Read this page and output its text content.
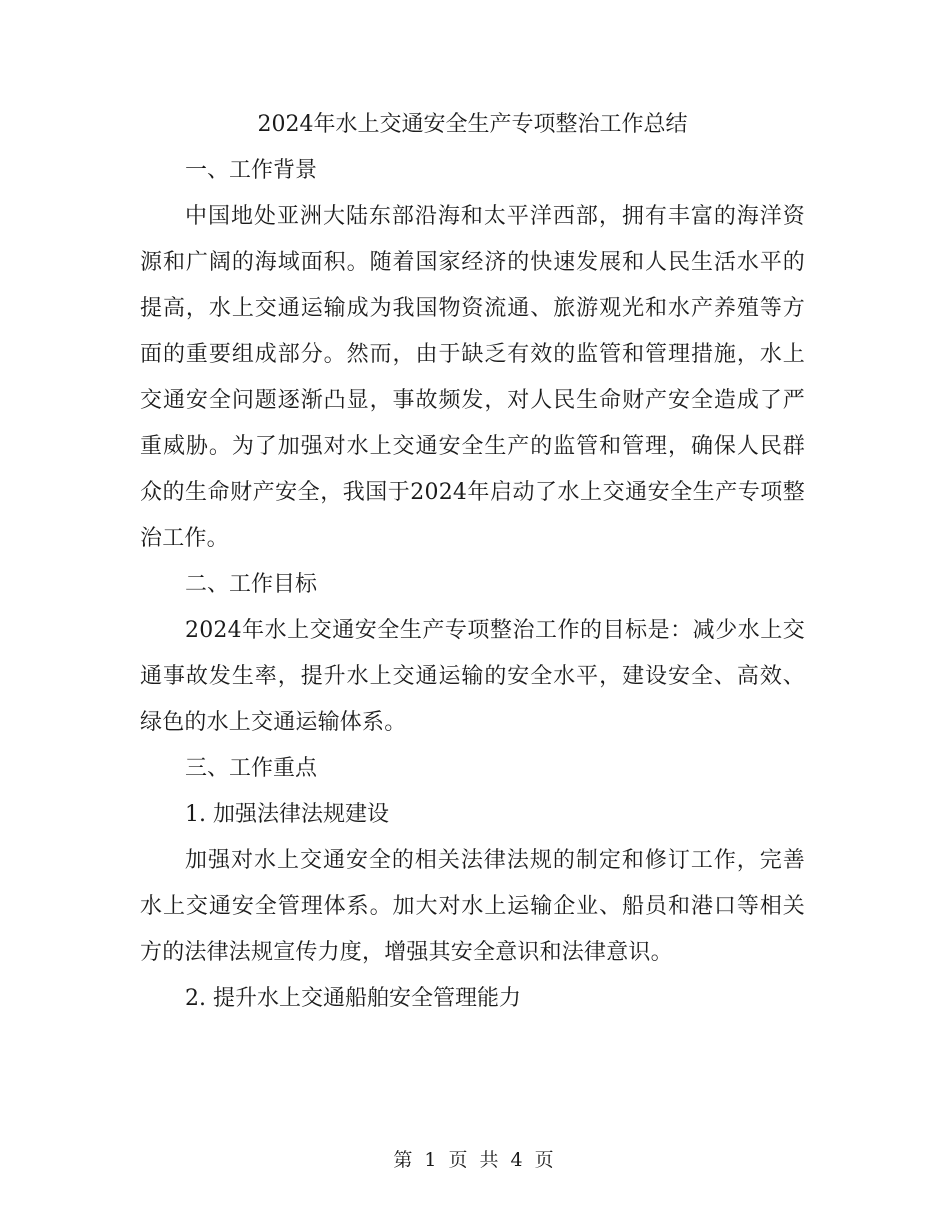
2024年水上交通安全生产专项整治工作总结

一、工作背景

中国地处亚洲大陆东部沿海和太平洋西部，拥有丰富的海洋资源和广阔的海域面积。随着国家经济的快速发展和人民生活水平的提高，水上交通运输成为我国物资流通、旅游观光和水产养殖等方面的重要组成部分。然而，由于缺乏有效的监管和管理措施，水上交通安全问题逐渐凸显，事故频发，对人民生命财产安全造成了严重威胁。为了加强对水上交通安全生产的监管和管理，确保人民群众的生命财产安全，我国于2024年启动了水上交通安全生产专项整治工作。

二、工作目标

2024年水上交通安全生产专项整治工作的目标是：减少水上交通事故发生率，提升水上交通运输的安全水平，建设安全、高效、绿色的水上交通运输体系。

三、工作重点

1. 加强法律法规建设

加强对水上交通安全的相关法律法规的制定和修订工作，完善水上交通安全管理体系。加大对水上运输企业、船员和港口等相关方的法律法规宣传力度，增强其安全意识和法律意识。

2. 提升水上交通船舶安全管理能力

第 1 页 共 4 页
